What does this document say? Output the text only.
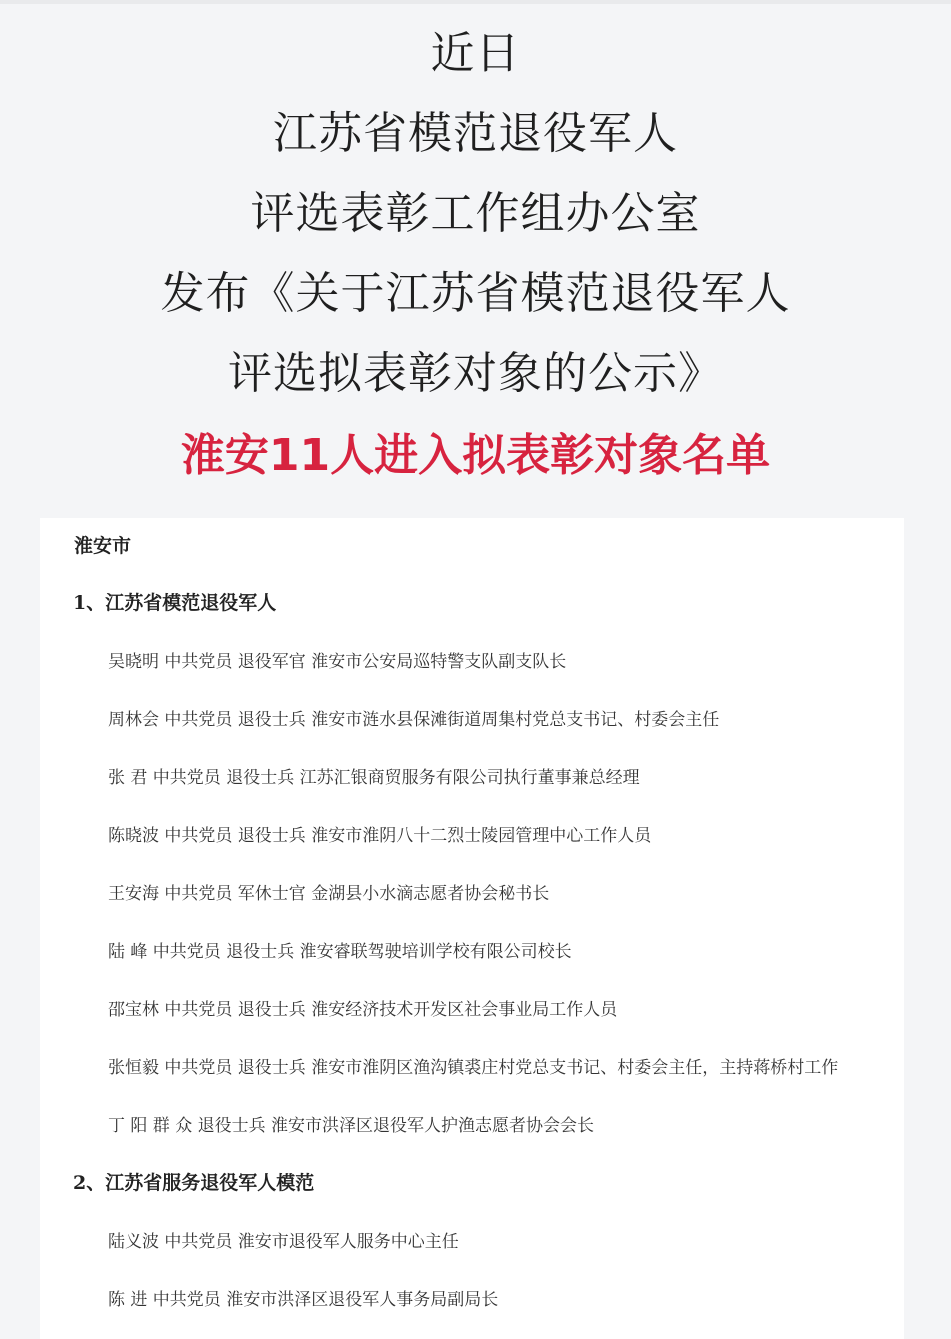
近日
江苏省模范退役军人
评选表彰工作组办公室
发布《关于江苏省模范退役军人
评选拟表彰对象的公示》
淮安11人进入拟表彰对象名单
淮安市
1、江苏省模范退役军人
吴晓明 中共党员 退役军官 淮安市公安局巡特警支队副支队长
周林会 中共党员 退役士兵 淮安市涟水县保滩街道周集村党总支书记、村委会主任
张 君 中共党员 退役士兵 江苏汇银商贸服务有限公司执行董事兼总经理
陈晓波 中共党员 退役士兵 淮安市淮阴八十二烈士陵园管理中心工作人员
王安海 中共党员 军休士官 金湖县小水滴志愿者协会秘书长
陆 峰 中共党员 退役士兵 淮安睿联驾驶培训学校有限公司校长
邵宝林 中共党员 退役士兵 淮安经济技术开发区社会事业局工作人员
张恒毅 中共党员 退役士兵 淮安市淮阴区渔沟镇裘庄村党总支书记、村委会主任，主持蒋桥村工作
丁 阳 群 众 退役士兵 淮安市洪泽区退役军人护渔志愿者协会会长
2、江苏省服务退役军人模范
陆义波 中共党员 淮安市退役军人服务中心主任
陈 进 中共党员 淮安市洪泽区退役军人事务局副局长
